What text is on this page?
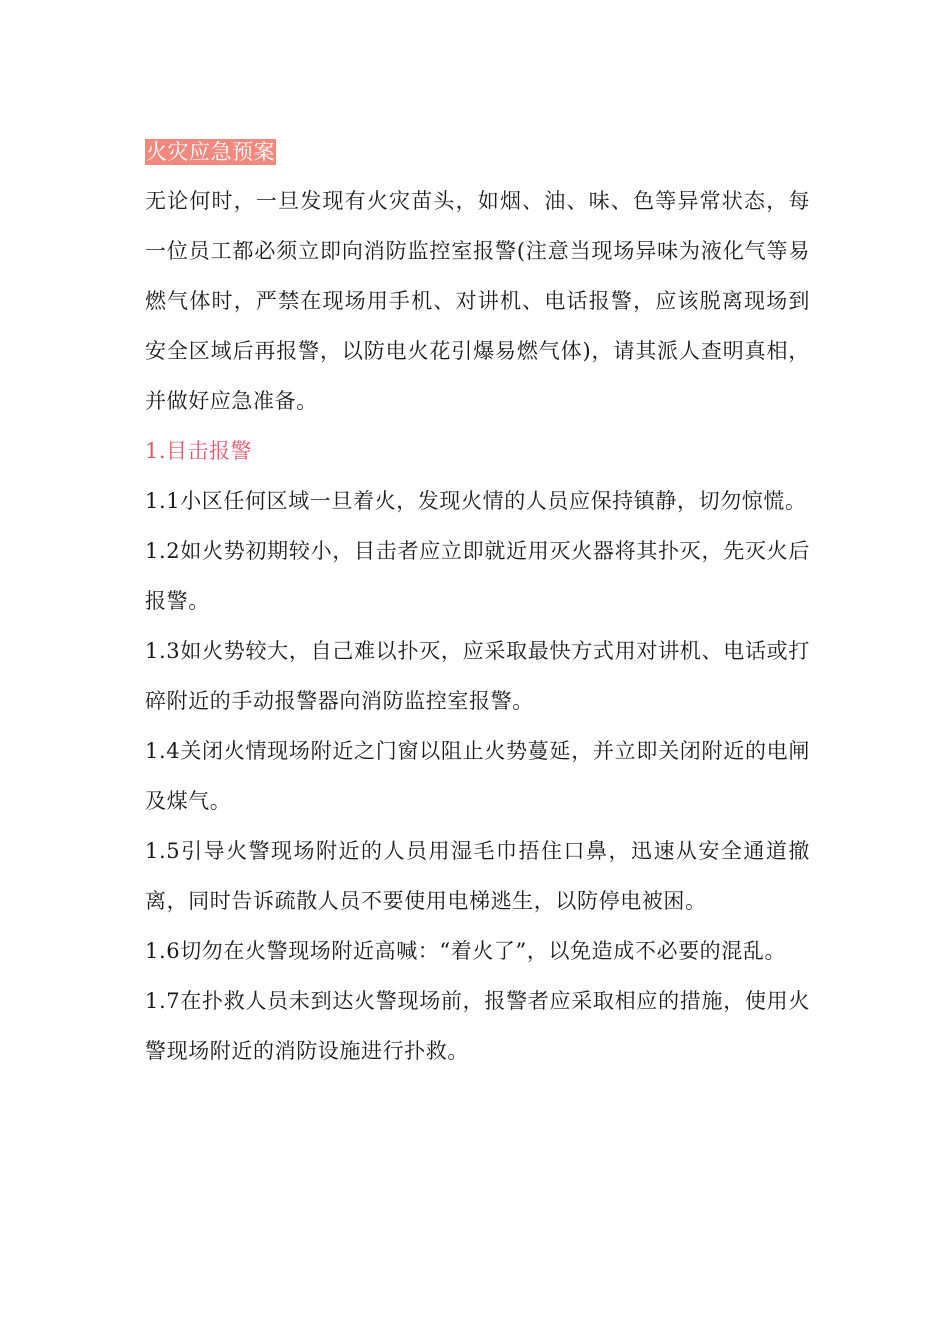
火灾应急预案

无论何时，一旦发现有火灾苗头，如烟、油、味、色等异常状态，每一位员工都必须立即向消防监控室报警(注意当现场异味为液化气等易燃气体时，严禁在现场用手机、对讲机、电话报警，应该脱离现场到安全区域后再报警，以防电火花引爆易燃气体)，请其派人查明真相，并做好应急准备。

1.目击报警

1.1小区任何区域一旦着火，发现火情的人员应保持镇静，切勿惊慌。

1.2如火势初期较小，目击者应立即就近用灭火器将其扑灭，先灭火后报警。

1.3如火势较大，自己难以扑灭，应采取最快方式用对讲机、电话或打碎附近的手动报警器向消防监控室报警。

1.4关闭火情现场附近之门窗以阻止火势蔓延，并立即关闭附近的电闸及煤气。

1.5引导火警现场附近的人员用湿毛巾捂住口鼻，迅速从安全通道撤离，同时告诉疏散人员不要使用电梯逃生，以防停电被困。

1.6切勿在火警现场附近高喊：“着火了”，以免造成不必要的混乱。

1.7在扑救人员未到达火警现场前，报警者应采取相应的措施，使用火警现场附近的消防设施进行扑救。
